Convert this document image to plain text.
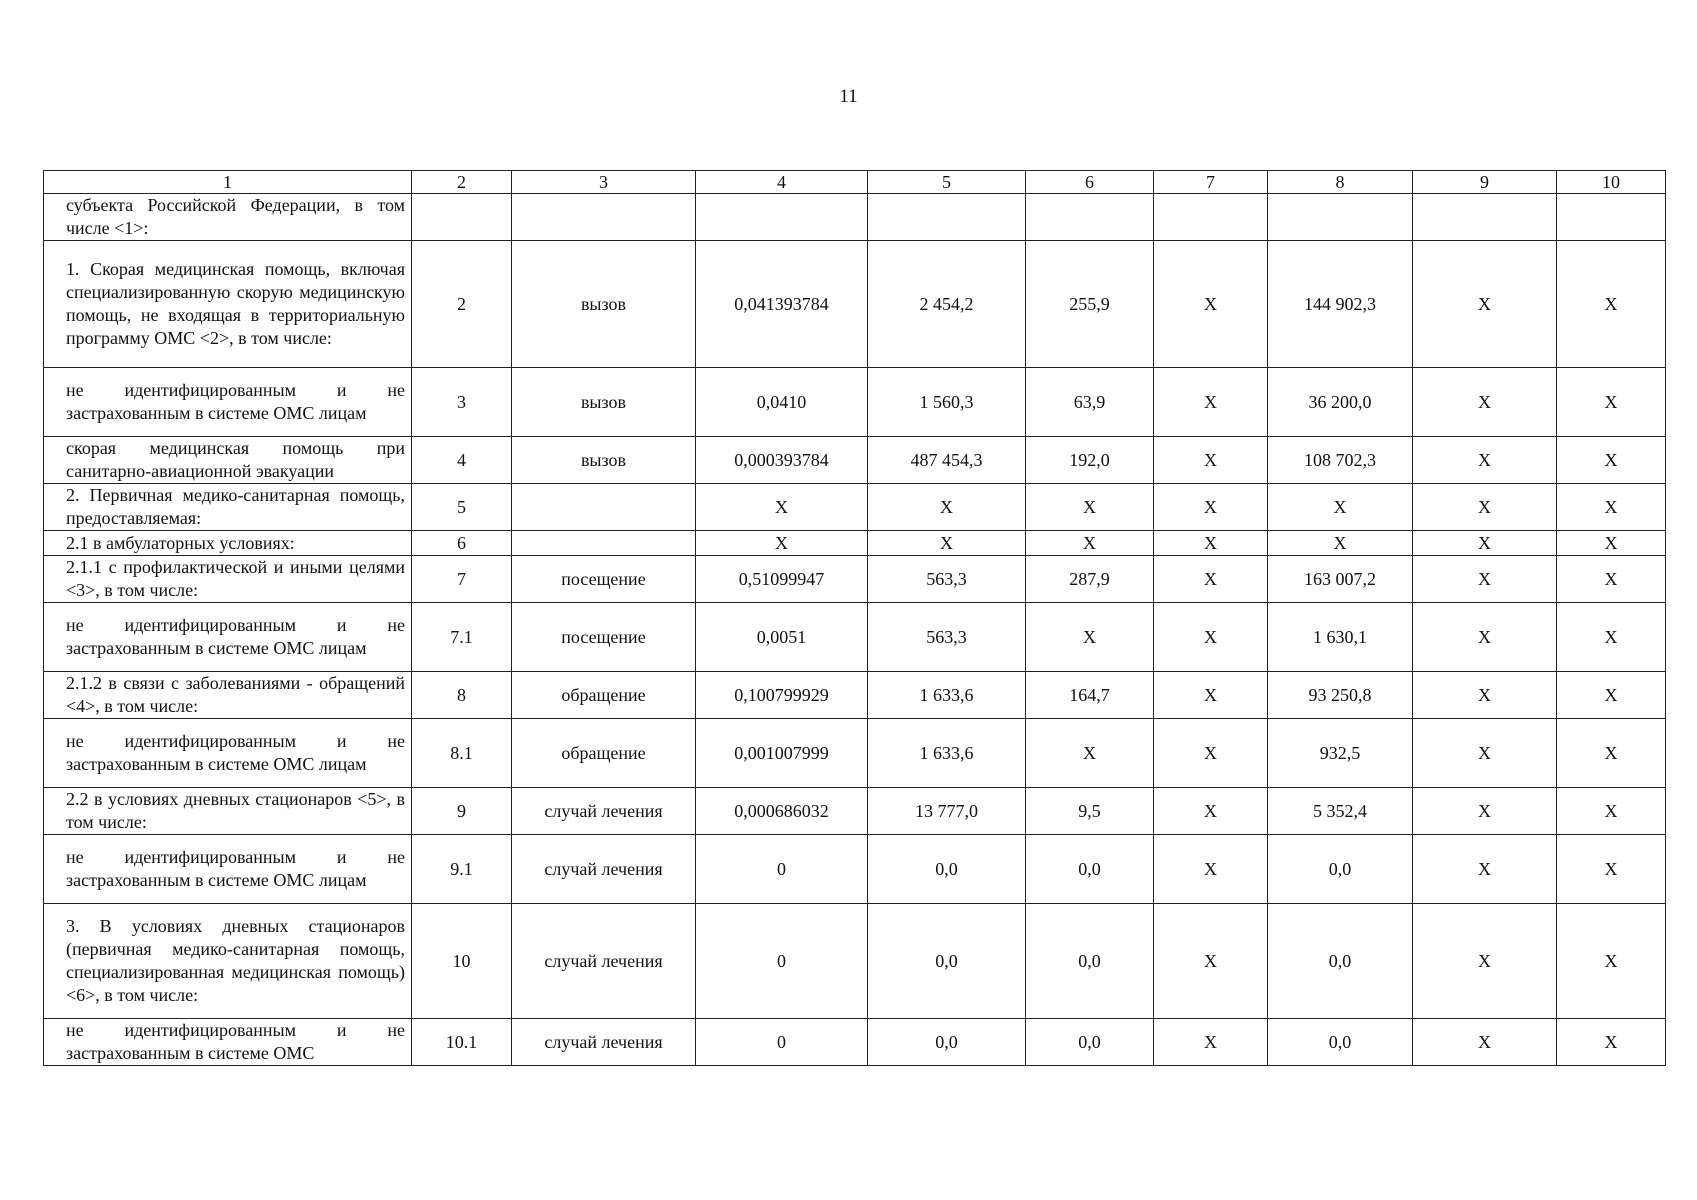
11
1	2	3	4	5	6	7	8	9	10
субъекта Российской Федерации, в том числе <1>:									
1. Скорая медицинская помощь, включая специализированную скорую медицинскую помощь, не входящая в территориальную программу ОМС <2>, в том числе:	2	вызов	0,041393784	2 454,2	255,9	X	144 902,3	X	X
не идентифицированным и не застрахованным в системе ОМС лицам	3	вызов	0,0410	1 560,3	63,9	X	36 200,0	X	X
скорая медицинская помощь при санитарно-авиационной эвакуации	4	вызов	0,000393784	487 454,3	192,0	X	108 702,3	X	X
2. Первичная медико-санитарная помощь, предоставляемая:	5		X	X	X	X	X	X	X
2.1 в амбулаторных условиях:	6		X	X	X	X	X	X	X
2.1.1 с профилактической и иными целями <3>, в том числе:	7	посещение	0,51099947	563,3	287,9	X	163 007,2	X	X
не идентифицированным и не застрахованным в системе ОМС лицам	7.1	посещение	0,0051	563,3	X	X	1 630,1	X	X
2.1.2 в связи с заболеваниями - обращений <4>, в том числе:	8	обращение	0,100799929	1 633,6	164,7	X	93 250,8	X	X
не идентифицированным и не застрахованным в системе ОМС лицам	8.1	обращение	0,001007999	1 633,6	X	X	932,5	X	X
2.2 в условиях дневных стационаров <5>, в том числе:	9	случай лечения	0,000686032	13 777,0	9,5	X	5 352,4	X	X
не идентифицированным и не застрахованным в системе ОМС лицам	9.1	случай лечения	0	0,0	0,0	X	0,0	X	X
3. В условиях дневных стационаров (первичная медико-санитарная помощь, специализированная медицинская помощь) <6>, в том числе:	10	случай лечения	0	0,0	0,0	X	0,0	X	X
не идентифицированным и не застрахованным в системе ОМС	10.1	случай лечения	0	0,0	0,0	X	0,0	X	X
